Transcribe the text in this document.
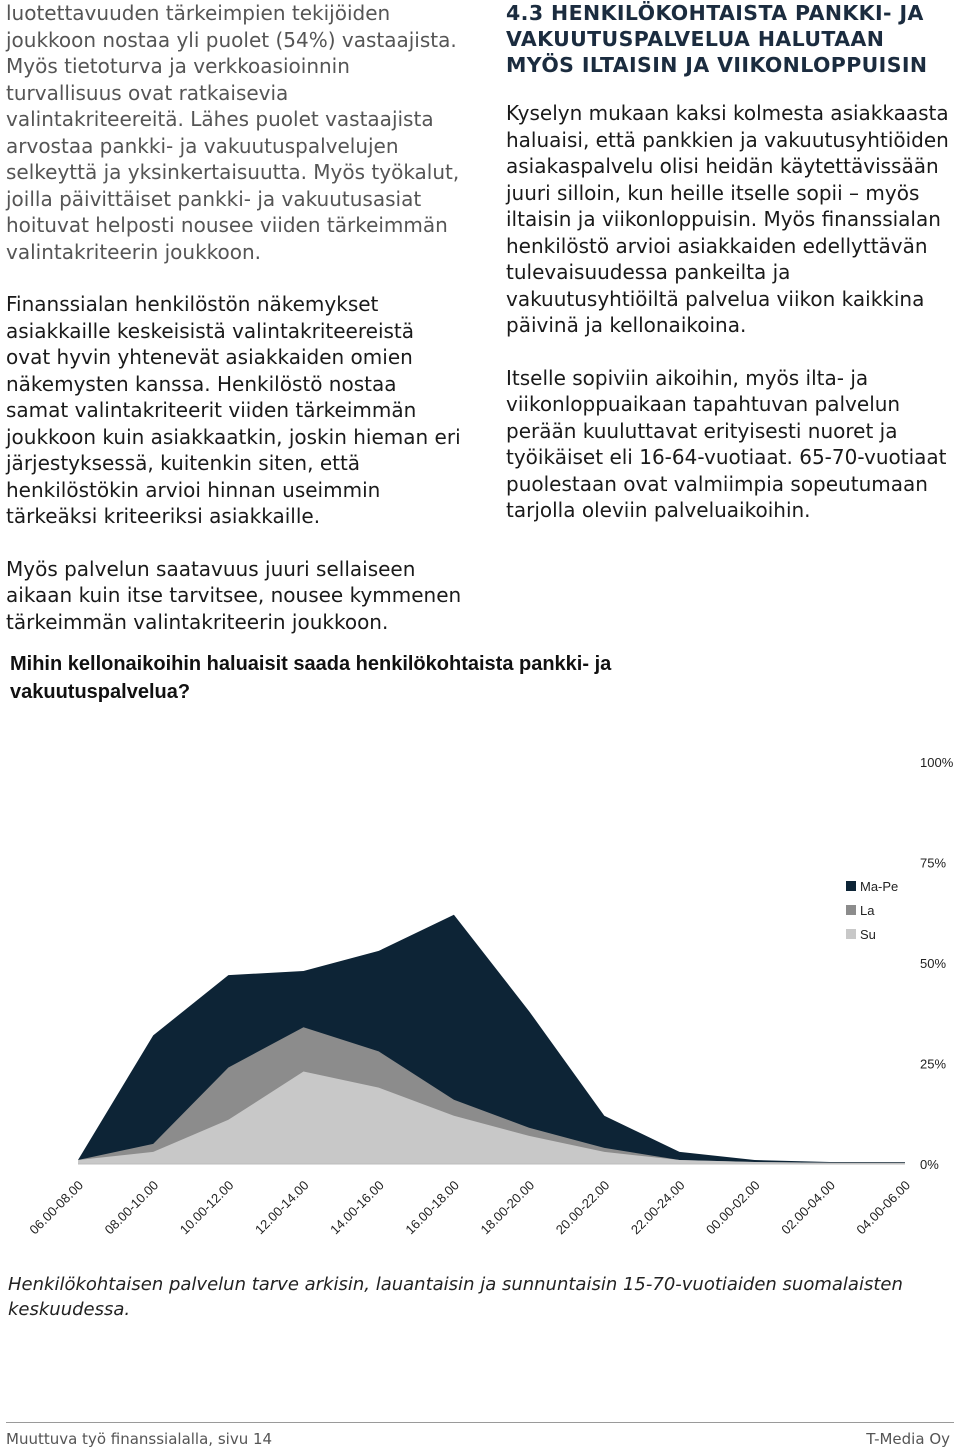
luotettavuuden tärkeimpien tekijöiden joukkoon nostaa yli puolet (54%) vastaajista. Myös tietoturva ja verkkoasioinnin turvallisuus ovat ratkaisevia valintakriteereitä. Lähes puolet vastaajista arvostaa pankki- ja vakuutuspalvelujen selkeyttä ja yksinkertaisuutta. Myös työkalut, joilla päivittäiset pankki- ja vakuutusasiat hoituvat helposti nousee viiden tärkeimmän valintakriteerin joukkoon.

Finanssialan henkilöstön näkemykset asiakkaille keskeisistä valintakriteereistä ovat hyvin yhtenevät asiakkaiden omien näkemysten kanssa. Henkilöstö nostaa samat valintakriteerit viiden tärkeimmän joukkoon kuin asiakkaatkin, joskin hieman eri järjestyksessä, kuitenkin siten, että henkilöstökin arvioi hinnan useimmin tärkeäksi kriteeriksi asiakkaille.

Myös palvelun saatavuus juuri sellaiseen aikaan kuin itse tarvitsee, nousee kymmenen tärkeimmän valintakriteerin joukkoon.

4.3 HENKILÖKOHTAISTA PANKKI- JA VAKUUTUSPALVELUA HALUTAAN MYÖS ILTAISIN JA VIIKONLOPPUISIN

Kyselyn mukaan kaksi kolmesta asiakkaasta haluaisi, että pankkien ja vakuutusyhtiöiden asiakaspalvelu olisi heidän käytettävissään juuri silloin, kun heille itselle sopii – myös iltaisin ja viikonloppuisin. Myös finanssialan henkilöstö arvioi asiakkaiden edellyttävän tulevaisuudessa pankeilta ja vakuutusyhtiöiltä palvelua viikon kaikkina päivinä ja kellonaikoina.

Itselle sopiviin aikoihin, myös ilta- ja viikonloppuaikaan tapahtuvan palvelun perään kuuluttavat erityisesti nuoret ja työikäiset eli 16-64-vuotiaat. 65-70-vuotiaat puolestaan ovat valmiimpia sopeutumaan tarjolla oleviin palveluaikoihin.

Mihin kellonaikoihin haluaisit saada henkilökohtaista pankki- ja
vakuutuspalvelua?
0%
25%
50%
75%
100%
06.00-08.00 08.00-10.00 10.00-12.00 12.00-14.00 14.00-16.00 16.00-18.00 18.00-20.00 20.00-22.00 22.00-24.00 00.00-02.00 02.00-04.00 04.00-06.00
Ma-Pe
La
Su
Henkilökohtaisen palvelun tarve arkisin, lauantaisin ja sunnuntaisin 15-70-vuotiaiden suomalaisten keskuudessa.
Muuttuva työ finanssialalla, sivu 14	T-Media Oy
